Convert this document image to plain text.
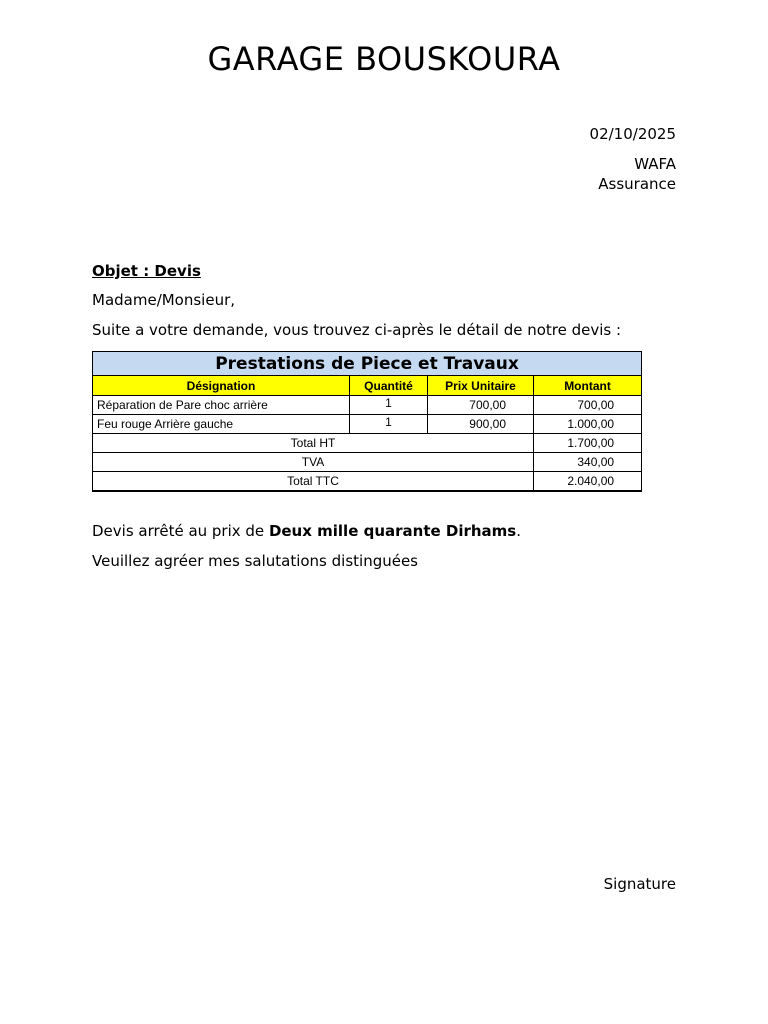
GARAGE BOUSKOURA
02/10/2025
WAFA
Assurance
Objet : Devis
Madame/Monsieur,
Suite a votre demande, vous trouvez ci-après le détail de notre devis :
Prestations de Piece et Travaux			
Désignation	Quantité	Prix Unitaire	Montant
Réparation de Pare choc arrière	1	700,00	700,00
Feu rouge Arrière gauche	1	900,00	1.000,00
Total HT			1.700,00
TVA			340,00
Total TTC			2.040,00
Devis arrêté au prix de Deux mille quarante Dirhams.
Veuillez agréer mes salutations distinguées
Signature
